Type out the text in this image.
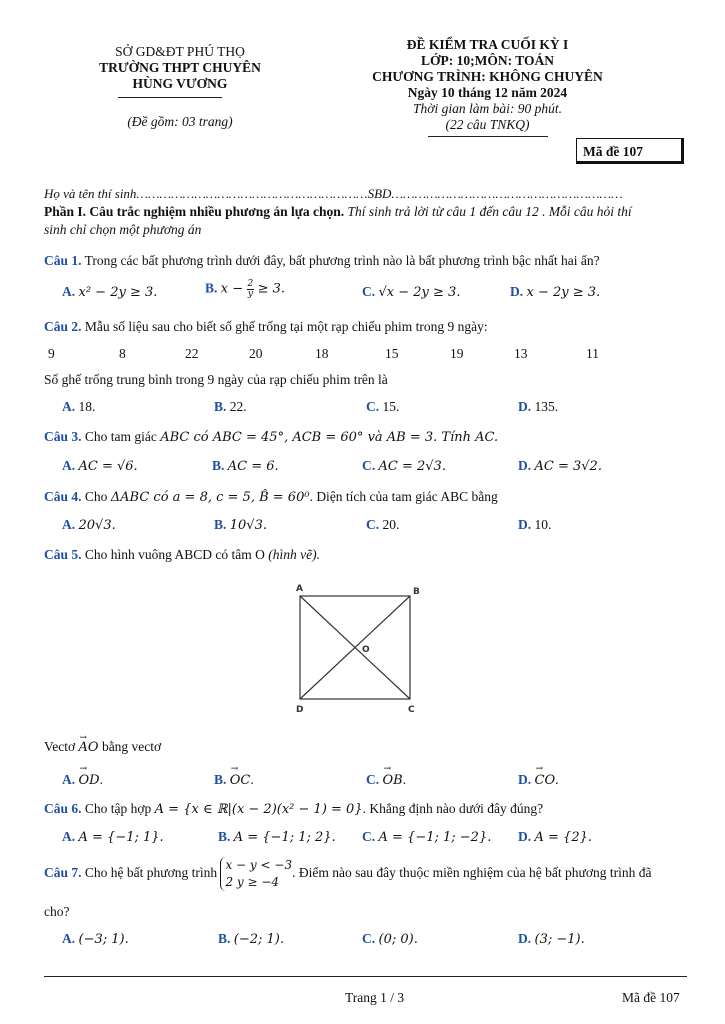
SỞ GD&ĐT PHÚ THỌ
TRƯỜNG THPT CHUYÊN
HÙNG VƯƠNG
(Đề gồm: 03 trang)
ĐỀ KIỂM TRA CUỐI KỲ I
LỚP: 10;MÔN: TOÁN
CHƯƠNG TRÌNH: KHÔNG CHUYÊN
Ngày 10 tháng 12 năm 2024
Thời gian làm bài: 90 phút.
(22 câu TNKQ)
Mã đề 107
Họ và tên thí sinh……………………………………………………SBD……………………………………………………
Phần I. Câu trắc nghiệm nhiều phương án lựa chọn. Thí sinh trả lời từ câu 1 đến câu 12 . Mỗi câu hỏi thí
sinh chỉ chọn một phương án
Câu 1. Trong các bất phương trình dưới đây, bất phương trình nào là bất phương trình bậc nhất hai ẩn?
A. x² − 2y ≥ 3.	B. $x - \frac{2}{y} \ge 3$.	C. √x − 2y ≥ 3.	D. x − 2y ≥ 3.
Câu 2. Mẫu số liệu sau cho biết số ghế trống tại một rạp chiếu phim trong 9 ngày:
9	8	22	20	18	15	19	13	11
Số ghế trống trung bình trong 9 ngày của rạp chiếu phim trên là
A. 18.	B. 22.	C. 15.	D. 135.
Câu 3. Cho tam giác ABC có ABC = 45°, ACB = 60° và AB = 3. Tính AC.
A. AC = √6.	B. AC = 6.	C. AC = 2√3.	D. AC = 3√2.
Câu 4. Cho ΔABC có a = 8, c = 5, B̂ = 60⁰. Diện tích của tam giác ABC bằng
A. 20√3.	B. 10√3.	C. 20.	D. 10.
Câu 5. Cho hình vuông ABCD có tâm O (hình vẽ).
A	B
C
D
O
Vectơ → AO bằng vectơ
A. → OD.	B. → OC.	C. → OB.	D. → CO.
Câu 6. Cho tập hợp A = {x ∈ ℝ|(x − 2)(x² − 1) = 0}. Khẳng định nào dưới đây đúng?
A. A = {−1; 1}.	B. A = {−1; 1; 2}. C. A = {−1; 1; −2}. D. A = {2}.
Câu 7. Cho hệ bất phương trình
x − y < −3
2 y ≥ −4
. Điểm nào sau đây thuộc miền nghiệm của hệ bất phương trình đã
cho?
A. (−3; 1).	B. (−2; 1).	C. (0; 0).	D. (3; −1).
Trang 1 / 3	Mã đề 107
